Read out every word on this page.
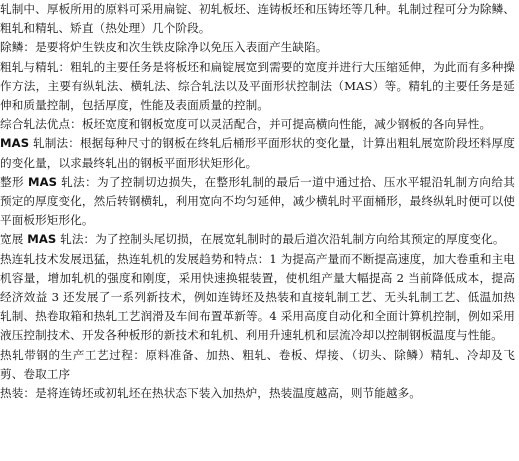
轧制中、厚板所用的原料可采用扁锭、初轧板坯、连铸板坯和压铸坯等几种。轧制过程可分为除鳞、粗轧和精轧、矫直（热处理）几个阶段。

除鳞：是要将炉生铁皮和次生铁皮除净以免压入表面产生缺陷。

粗轧与精轧：粗轧的主要任务是将板坯和扁锭展宽到需要的宽度并进行大压缩延伸，为此而有多种操作方法，主要有纵轧法、横轧法、综合轧法以及平面形状控制法（MAS）等。精轧的主要任务是延伸和质量控制，包括厚度，性能及表面质量的控制。

综合轧法优点：板坯宽度和钢板宽度可以灵活配合，并可提高横向性能，减少钢板的各向异性。

MAS 轧制法：根据每种尺寸的钢板在终轧后桶形平面形状的变化量，计算出粗轧展宽阶段坯料厚度的变化量，以求最终轧出的钢板平面形状矩形化。

整形 MAS 轧法：为了控制切边损失，在整形轧制的最后一道中通过拾、压水平辊沿轧制方向给其预定的厚度变化，然后转钢横轧，利用宽向不均匀延伸，减少横轧时平面桶形，最终纵轧时便可以使平面板形矩形化。

宽展 MAS 轧法：为了控制头尾切损，在展宽轧制时的最后道次沿轧制方向给其预定的厚度变化。

热连轧技术发展迅猛，热连轧机的发展趋势和特点：1 为提高产量而不断提高速度，加大卷重和主电机容量，增加轧机的强度和刚度，采用快速换辊装置，使机组产量大幅提高 2 当前降低成本，提高经济效益 3 还发展了一系列新技术，例如连铸坯及热装和直接轧制工艺、无头轧制工艺、低温加热轧制、热卷取箱和热轧工艺润滑及车间布置革新等。4 采用高度自动化和全面计算机控制，例如采用液压控制技术、开发各种板形的新技术和轧机、利用升速轧机和层流冷却以控制钢板温度与性能。

热轧带钢的生产工艺过程：原料准备、加热、粗轧、卷板、焊接、（切头、除鳞）精轧、冷却及飞剪、卷取工序

热装：是将连铸坯或初轧坯在热状态下装入加热炉，热装温度越高，则节能越多。
